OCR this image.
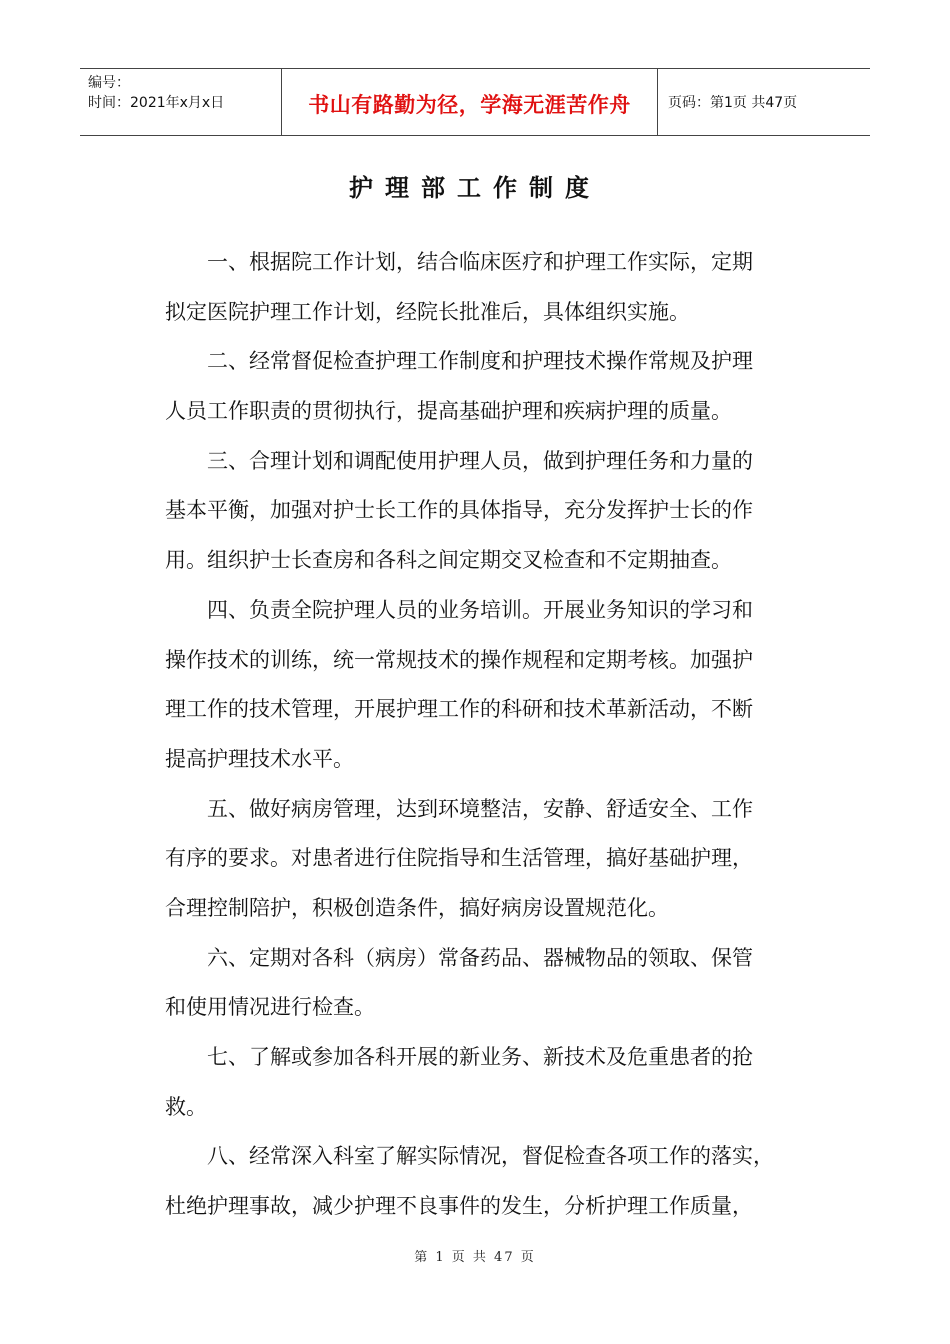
编号：
时间：2021年x月x日	书山有路勤为径，学海无涯苦作舟	页码：第1页 共47页
护理部工作制度
　　一、根据院工作计划，结合临床医疗和护理工作实际，定期
拟定医院护理工作计划，经院长批准后，具体组织实施。
　　二、经常督促检查护理工作制度和护理技术操作常规及护理
人员工作职责的贯彻执行，提高基础护理和疾病护理的质量。
　　三、合理计划和调配使用护理人员，做到护理任务和力量的
基本平衡，加强对护士长工作的具体指导，充分发挥护士长的作
用。组织护士长查房和各科之间定期交叉检查和不定期抽查。
　　四、负责全院护理人员的业务培训。开展业务知识的学习和
操作技术的训练，统一常规技术的操作规程和定期考核。加强护
理工作的技术管理，开展护理工作的科研和技术革新活动，不断
提高护理技术水平。
　　五、做好病房管理，达到环境整洁，安静、舒适安全、工作
有序的要求。对患者进行住院指导和生活管理，搞好基础护理，
合理控制陪护，积极创造条件，搞好病房设置规范化。
　　六、定期对各科（病房）常备药品、器械物品的领取、保管
和使用情况进行检查。
　　七、了解或参加各科开展的新业务、新技术及危重患者的抢
救。
　　八、经常深入科室了解实际情况，督促检查各项工作的落实，
杜绝护理事故，减少护理不良事件的发生，分析护理工作质量，
第 1 页 共 47 页
